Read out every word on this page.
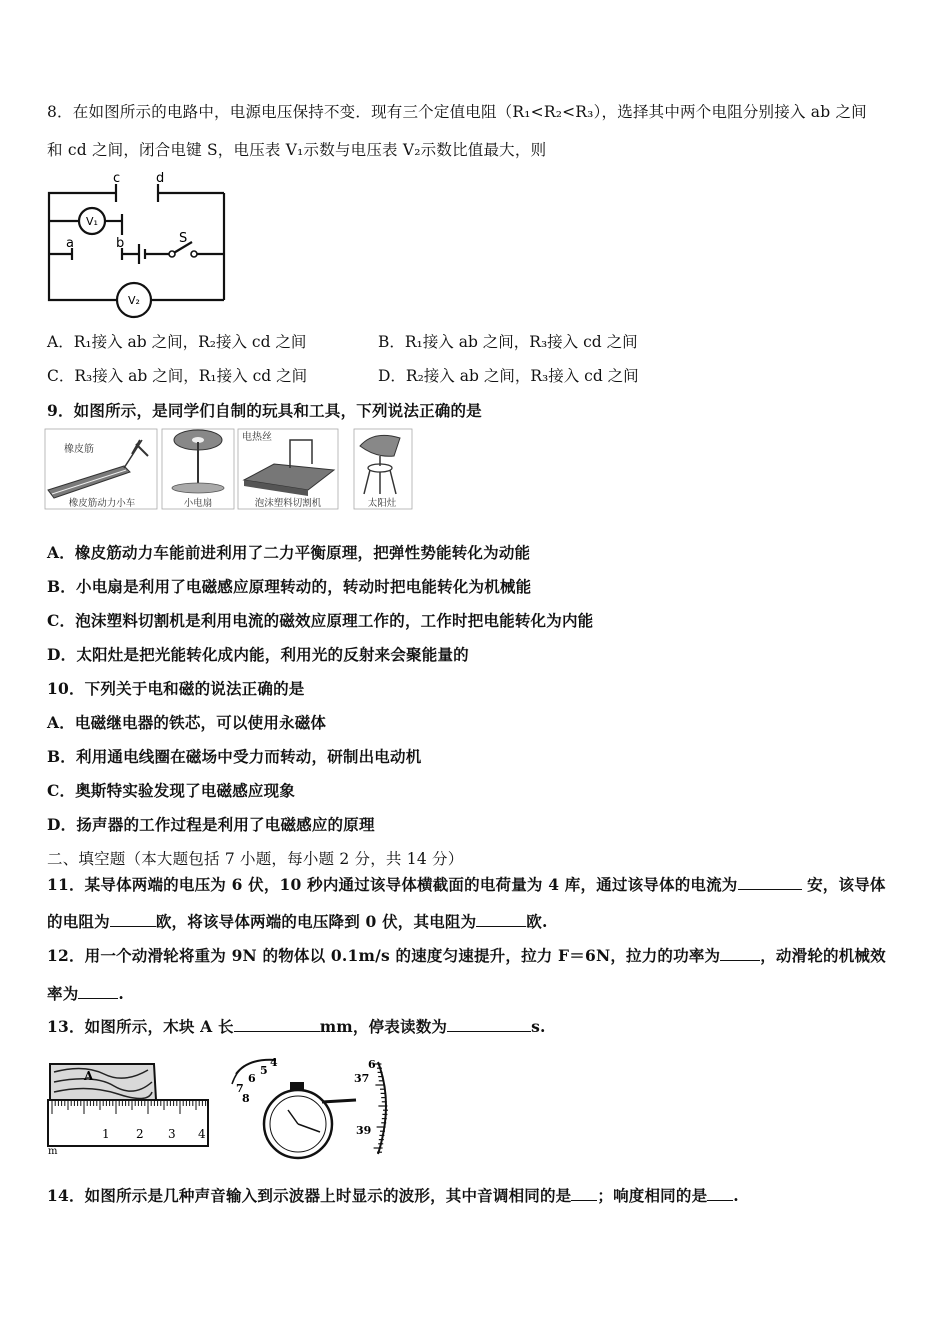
8．在如图所示的电路中，电源电压保持不变．现有三个定值电阻（R₁<R₂<R₃），选择其中两个电阻分别接入 ab 之间
和 cd 之间，闭合电键 S，电压表 V₁示数与电压表 V₂示数比值最大，则
c	d
a	b	S
V₁
V₂
A．R₁接入 ab 之间，R₂接入 cd 之间	B．R₁接入 ab 之间，R₃接入 cd 之间
C．R₃接入 ab 之间，R₁接入 cd 之间	D．R₂接入 ab 之间，R₃接入 cd 之间
9．如图所示，是同学们自制的玩具和工具，下列说法正确的是
橡皮筋
橡皮筋动力小车	小电扇
电热丝
泡沫塑料切割机	太阳灶
A．橡皮筋动力车能前进利用了二力平衡原理，把弹性势能转化为动能
B．小电扇是利用了电磁感应原理转动的，转动时把电能转化为机械能
C．泡沫塑料切割机是利用电流的磁效应原理工作的，工作时把电能转化为内能
D．太阳灶是把光能转化成内能，利用光的反射来会聚能量的
10．下列关于电和磁的说法正确的是
A．电磁继电器的铁芯，可以使用永磁体
B．利用通电线圈在磁场中受力而转动，研制出电动机
C．奥斯特实验发现了电磁感应现象
D．扬声器的工作过程是利用了电磁感应的原理
二、填空题（本大题包括 7 小题，每小题 2 分，共 14 分）
11．某导体两端的电压为 6 伏，10 秒内通过该导体横截面的电荷量为 4 库，通过该导体的电流为	安，该导体
的电阻为	欧，将该导体两端的电压降到 0 伏，其电阻为	欧.
12．用一个动滑轮将重为 9N 的物体以 0.1m/s 的速度匀速提升，拉力 F＝6N，拉力的功率为	，动滑轮的机械效
率为	.
13．如图所示，木块 A 长	mm，停表读数为	s.
A
1 2 3 4
m
4
5
6
7
8
6
37
39
14．如图所示是几种声音输入到示波器上时显示的波形，其中音调相同的是 ；响度相同的是 .
